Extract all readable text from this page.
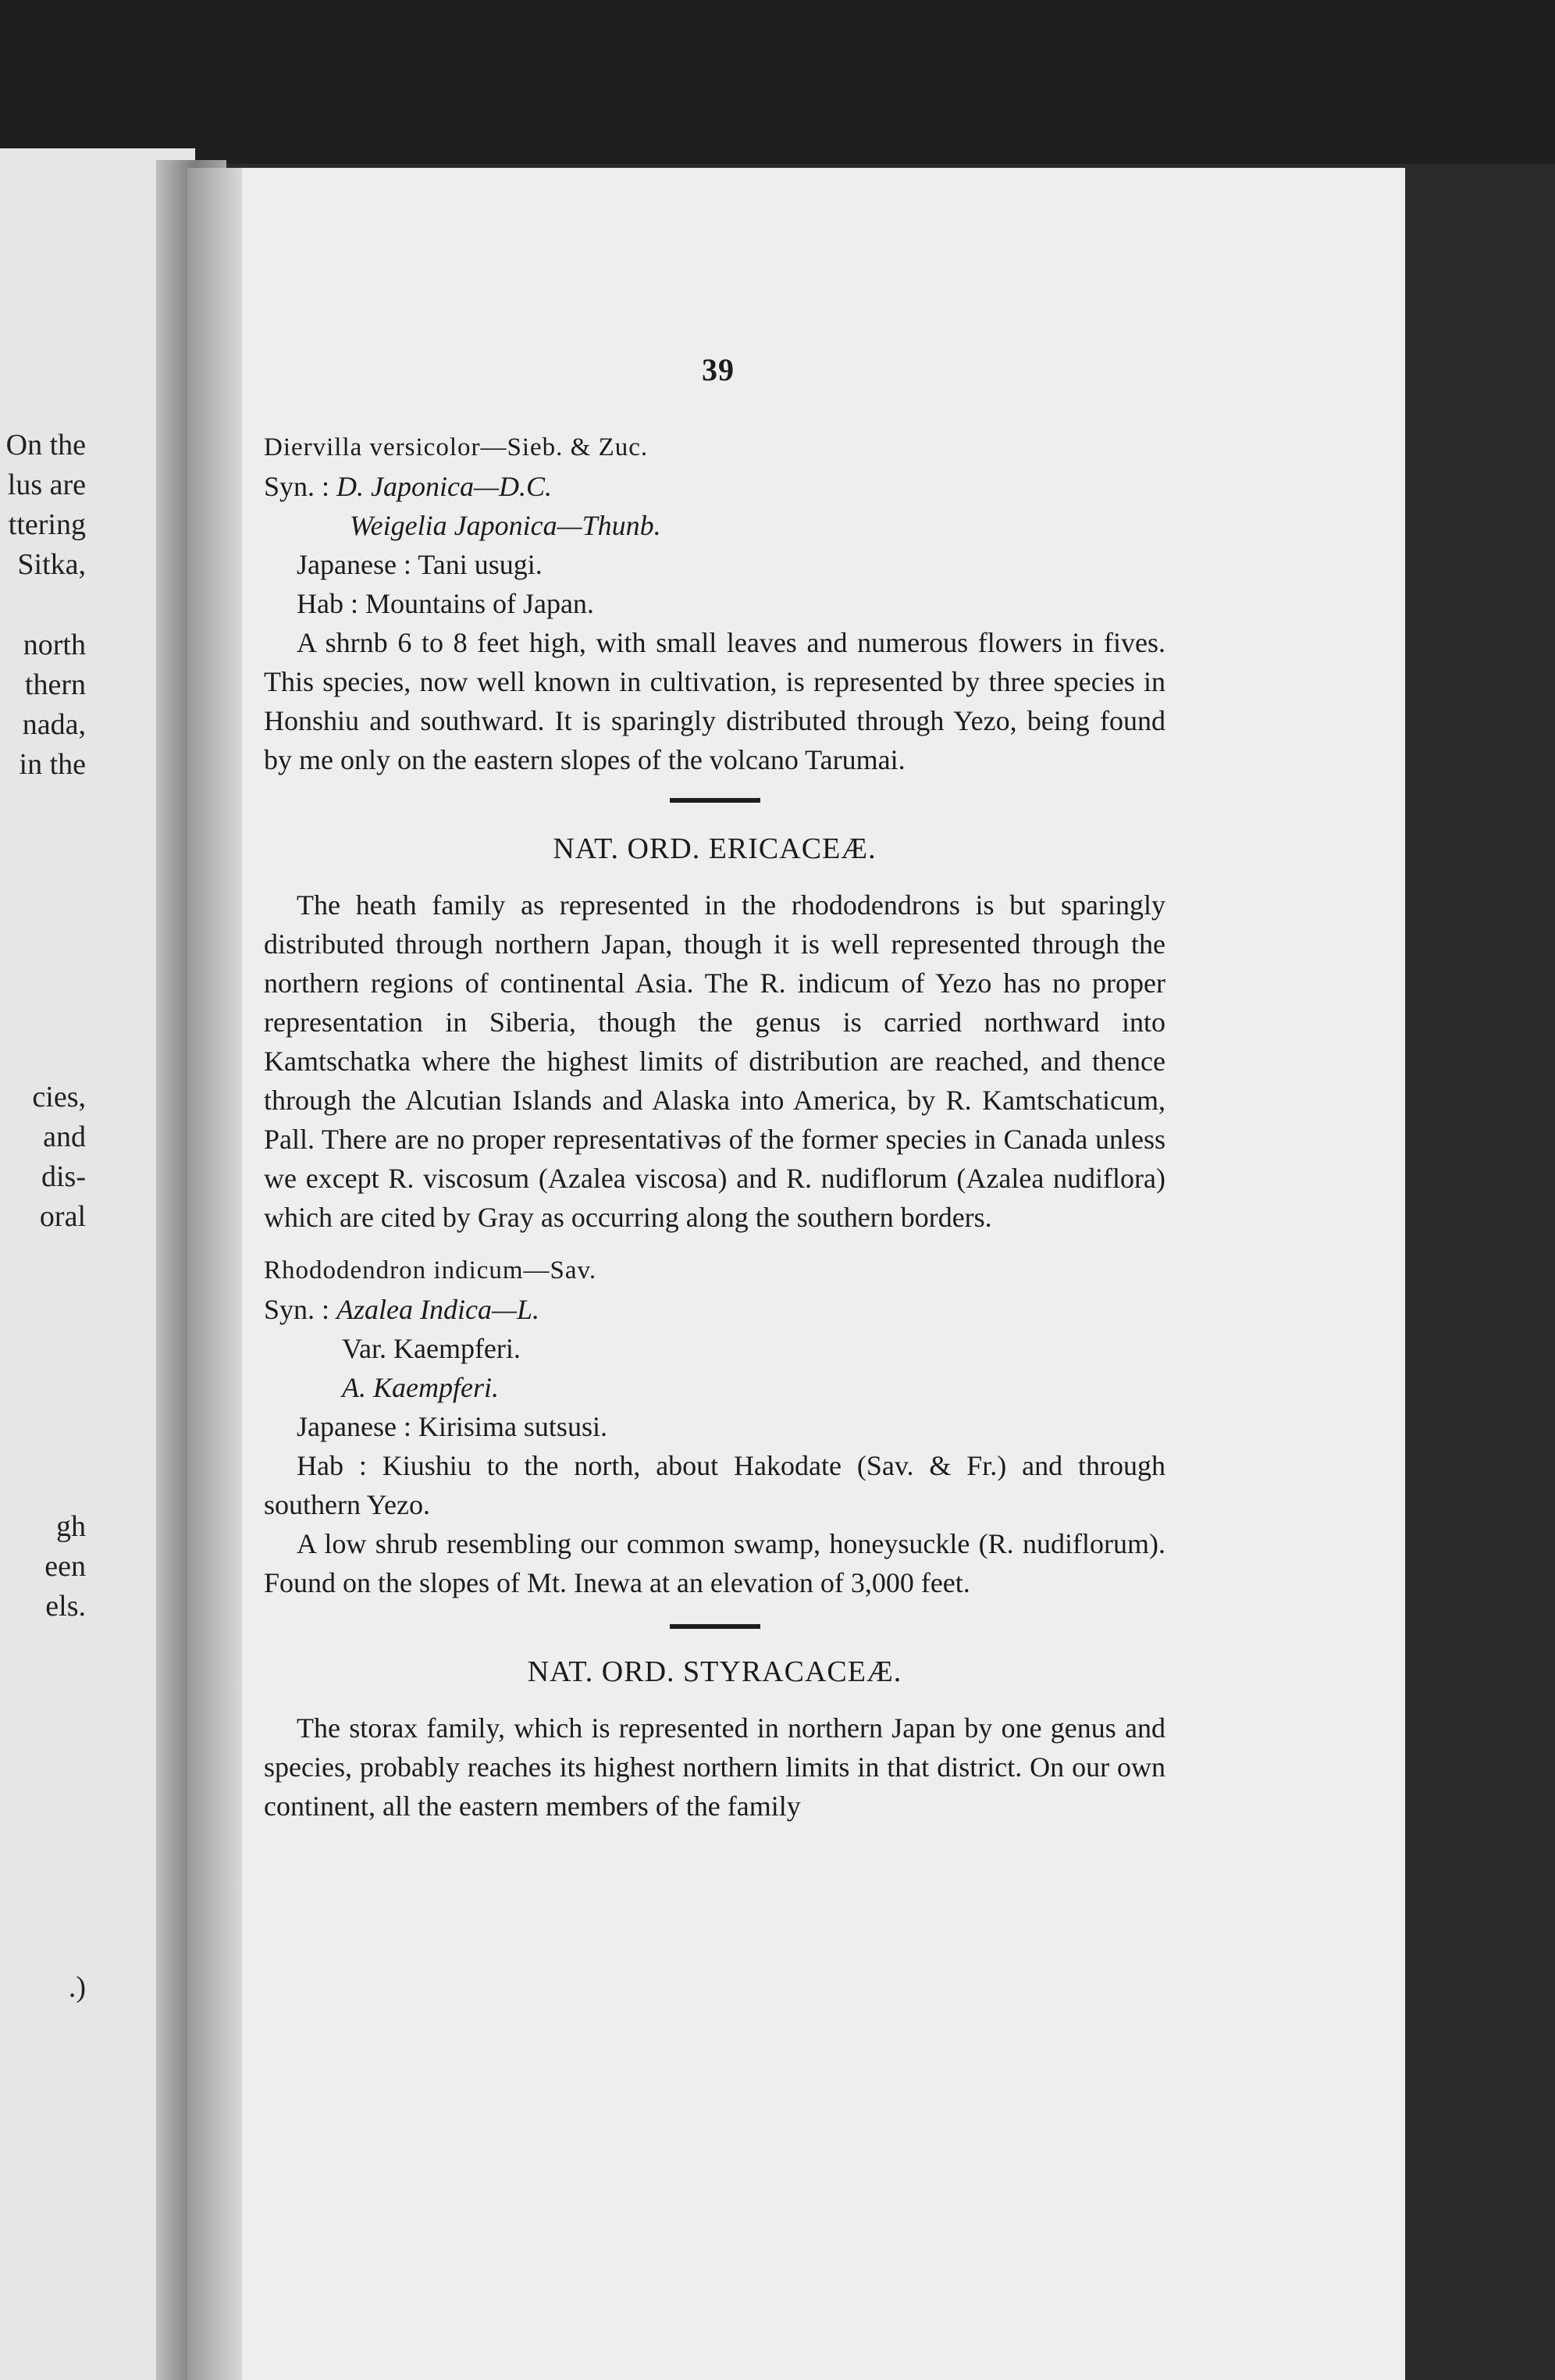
On the
lus are
ttering
Sitka,
north
thern
nada,
in the
cies,
and
dis-
oral
gh
een
els.
.)
39

Diervilla versicolor—Sieb. & Zuc.

Syn. : D. Japonica—D.C.
Weigelia Japonica—Thunb.

Japanese : Tani usugi.

Hab : Mountains of Japan.

A shrnb 6 to 8 feet high, with small leaves and numerous flowers in fives. This species, now well known in cultivation, is represented by three species in Honshiu and southward. It is sparingly distributed through Yezo, being found by me only on the eastern slopes of the volcano Tarumai.

NAT. ORD. ERICACEÆ.

The heath family as represented in the rhododendrons is but sparingly distributed through northern Japan, though it is well represented through the northern regions of continental Asia. The R. indicum of Yezo has no proper representation in Siberia, though the genus is carried northward into Kamtschatka where the highest limits of distribution are reached, and thence through the Alcutian Islands and Alaska into America, by R. Kamtschaticum, Pall. There are no proper representativəs of the former species in Canada unless we except R. viscosum (Azalea viscosa) and R. nudiflorum (Azalea nudiflora) which are cited by Gray as occurring along the southern borders.

Rhododendron indicum—Sav.

Syn. : Azalea Indica—L.
Var. Kaempferi.
A. Kaempferi.

Japanese : Kirisima sutsusi.

Hab : Kiushiu to the north, about Hakodate (Sav. & Fr.) and through southern Yezo.

A low shrub resembling our common swamp, honeysuckle (R. nudiflorum). Found on the slopes of Mt. Inewa at an elevation of 3,000 feet.

NAT. ORD. STYRACACEÆ.

The storax family, which is represented in northern Japan by one genus and species, probably reaches its highest northern limits in that district. On our own continent, all the eastern members of the family
